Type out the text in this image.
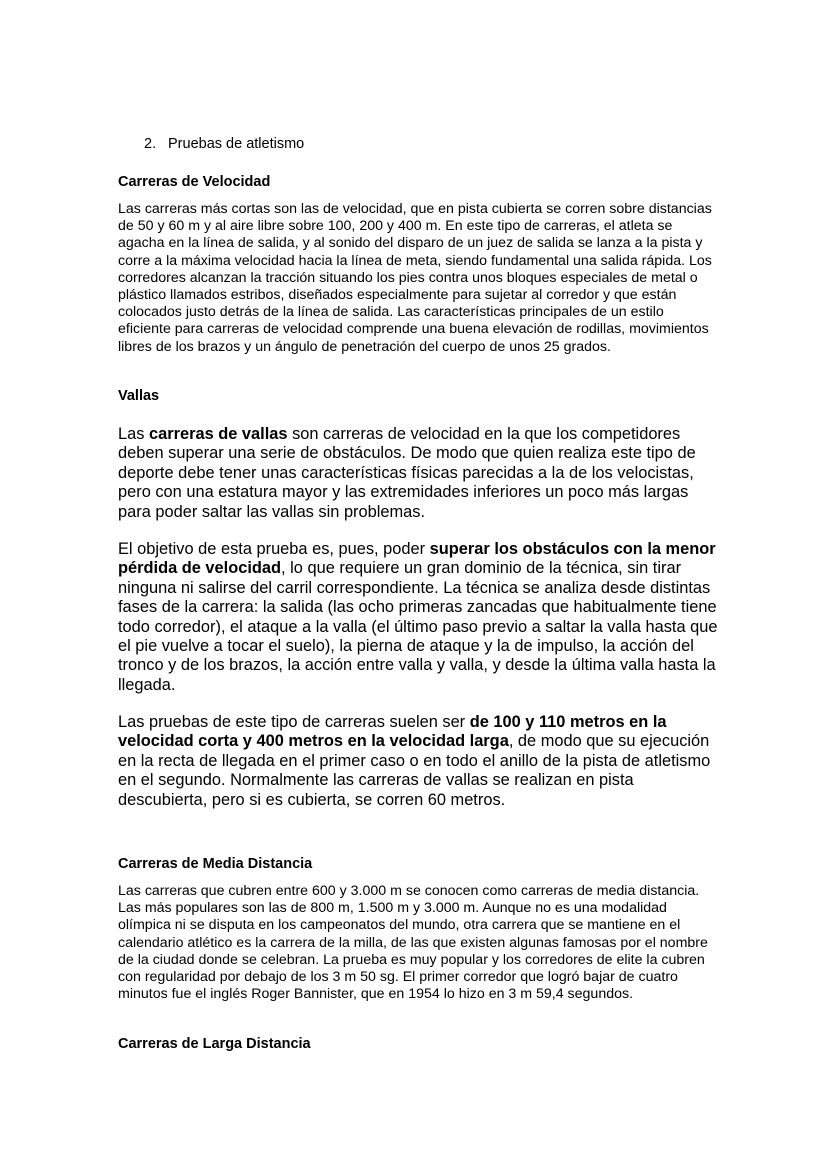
2. Pruebas de atletismo

Carreras de Velocidad

Las carreras más cortas son las de velocidad, que en pista cubierta se corren sobre distancias de 50 y 60 m y al aire libre sobre 100, 200 y 400 m. En este tipo de carreras, el atleta se agacha en la línea de salida, y al sonido del disparo de un juez de salida se lanza a la pista y corre a la máxima velocidad hacia la línea de meta, siendo fundamental una salida rápida. Los corredores alcanzan la tracción situando los pies contra unos bloques especiales de metal o plástico llamados estribos, diseñados especialmente para sujetar al corredor y que están colocados justo detrás de la línea de salida. Las características principales de un estilo eficiente para carreras de velocidad comprende una buena elevación de rodillas, movimientos libres de los brazos y un ángulo de penetración del cuerpo de unos 25 grados.

Vallas

Las carreras de vallas son carreras de velocidad en la que los competidores deben superar una serie de obstáculos. De modo que quien realiza este tipo de deporte debe tener unas características físicas parecidas a la de los velocistas, pero con una estatura mayor y las extremidades inferiores un poco más largas para poder saltar las vallas sin problemas.

El objetivo de esta prueba es, pues, poder superar los obstáculos con la menor pérdida de velocidad, lo que requiere un gran dominio de la técnica, sin tirar ninguna ni salirse del carril correspondiente. La técnica se analiza desde distintas fases de la carrera: la salida (las ocho primeras zancadas que habitualmente tiene todo corredor), el ataque a la valla (el último paso previo a saltar la valla hasta que el pie vuelve a tocar el suelo), la pierna de ataque y la de impulso, la acción del tronco y de los brazos, la acción entre valla y valla, y desde la última valla hasta la llegada.

Las pruebas de este tipo de carreras suelen ser de 100 y 110 metros en la velocidad corta y 400 metros en la velocidad larga, de modo que su ejecución en la recta de llegada en el primer caso o en todo el anillo de la pista de atletismo en el segundo. Normalmente las carreras de vallas se realizan en pista descubierta, pero si es cubierta, se corren 60 metros.

Carreras de Media Distancia

Las carreras que cubren entre 600 y 3.000 m se conocen como carreras de media distancia. Las más populares son las de 800 m, 1.500 m y 3.000 m. Aunque no es una modalidad olímpica ni se disputa en los campeonatos del mundo, otra carrera que se mantiene en el calendario atlético es la carrera de la milla, de las que existen algunas famosas por el nombre de la ciudad donde se celebran. La prueba es muy popular y los corredores de elite la cubren con regularidad por debajo de los 3 m 50 sg. El primer corredor que logró bajar de cuatro minutos fue el inglés Roger Bannister, que en 1954 lo hizo en 3 m 59,4 segundos.

Carreras de Larga Distancia
